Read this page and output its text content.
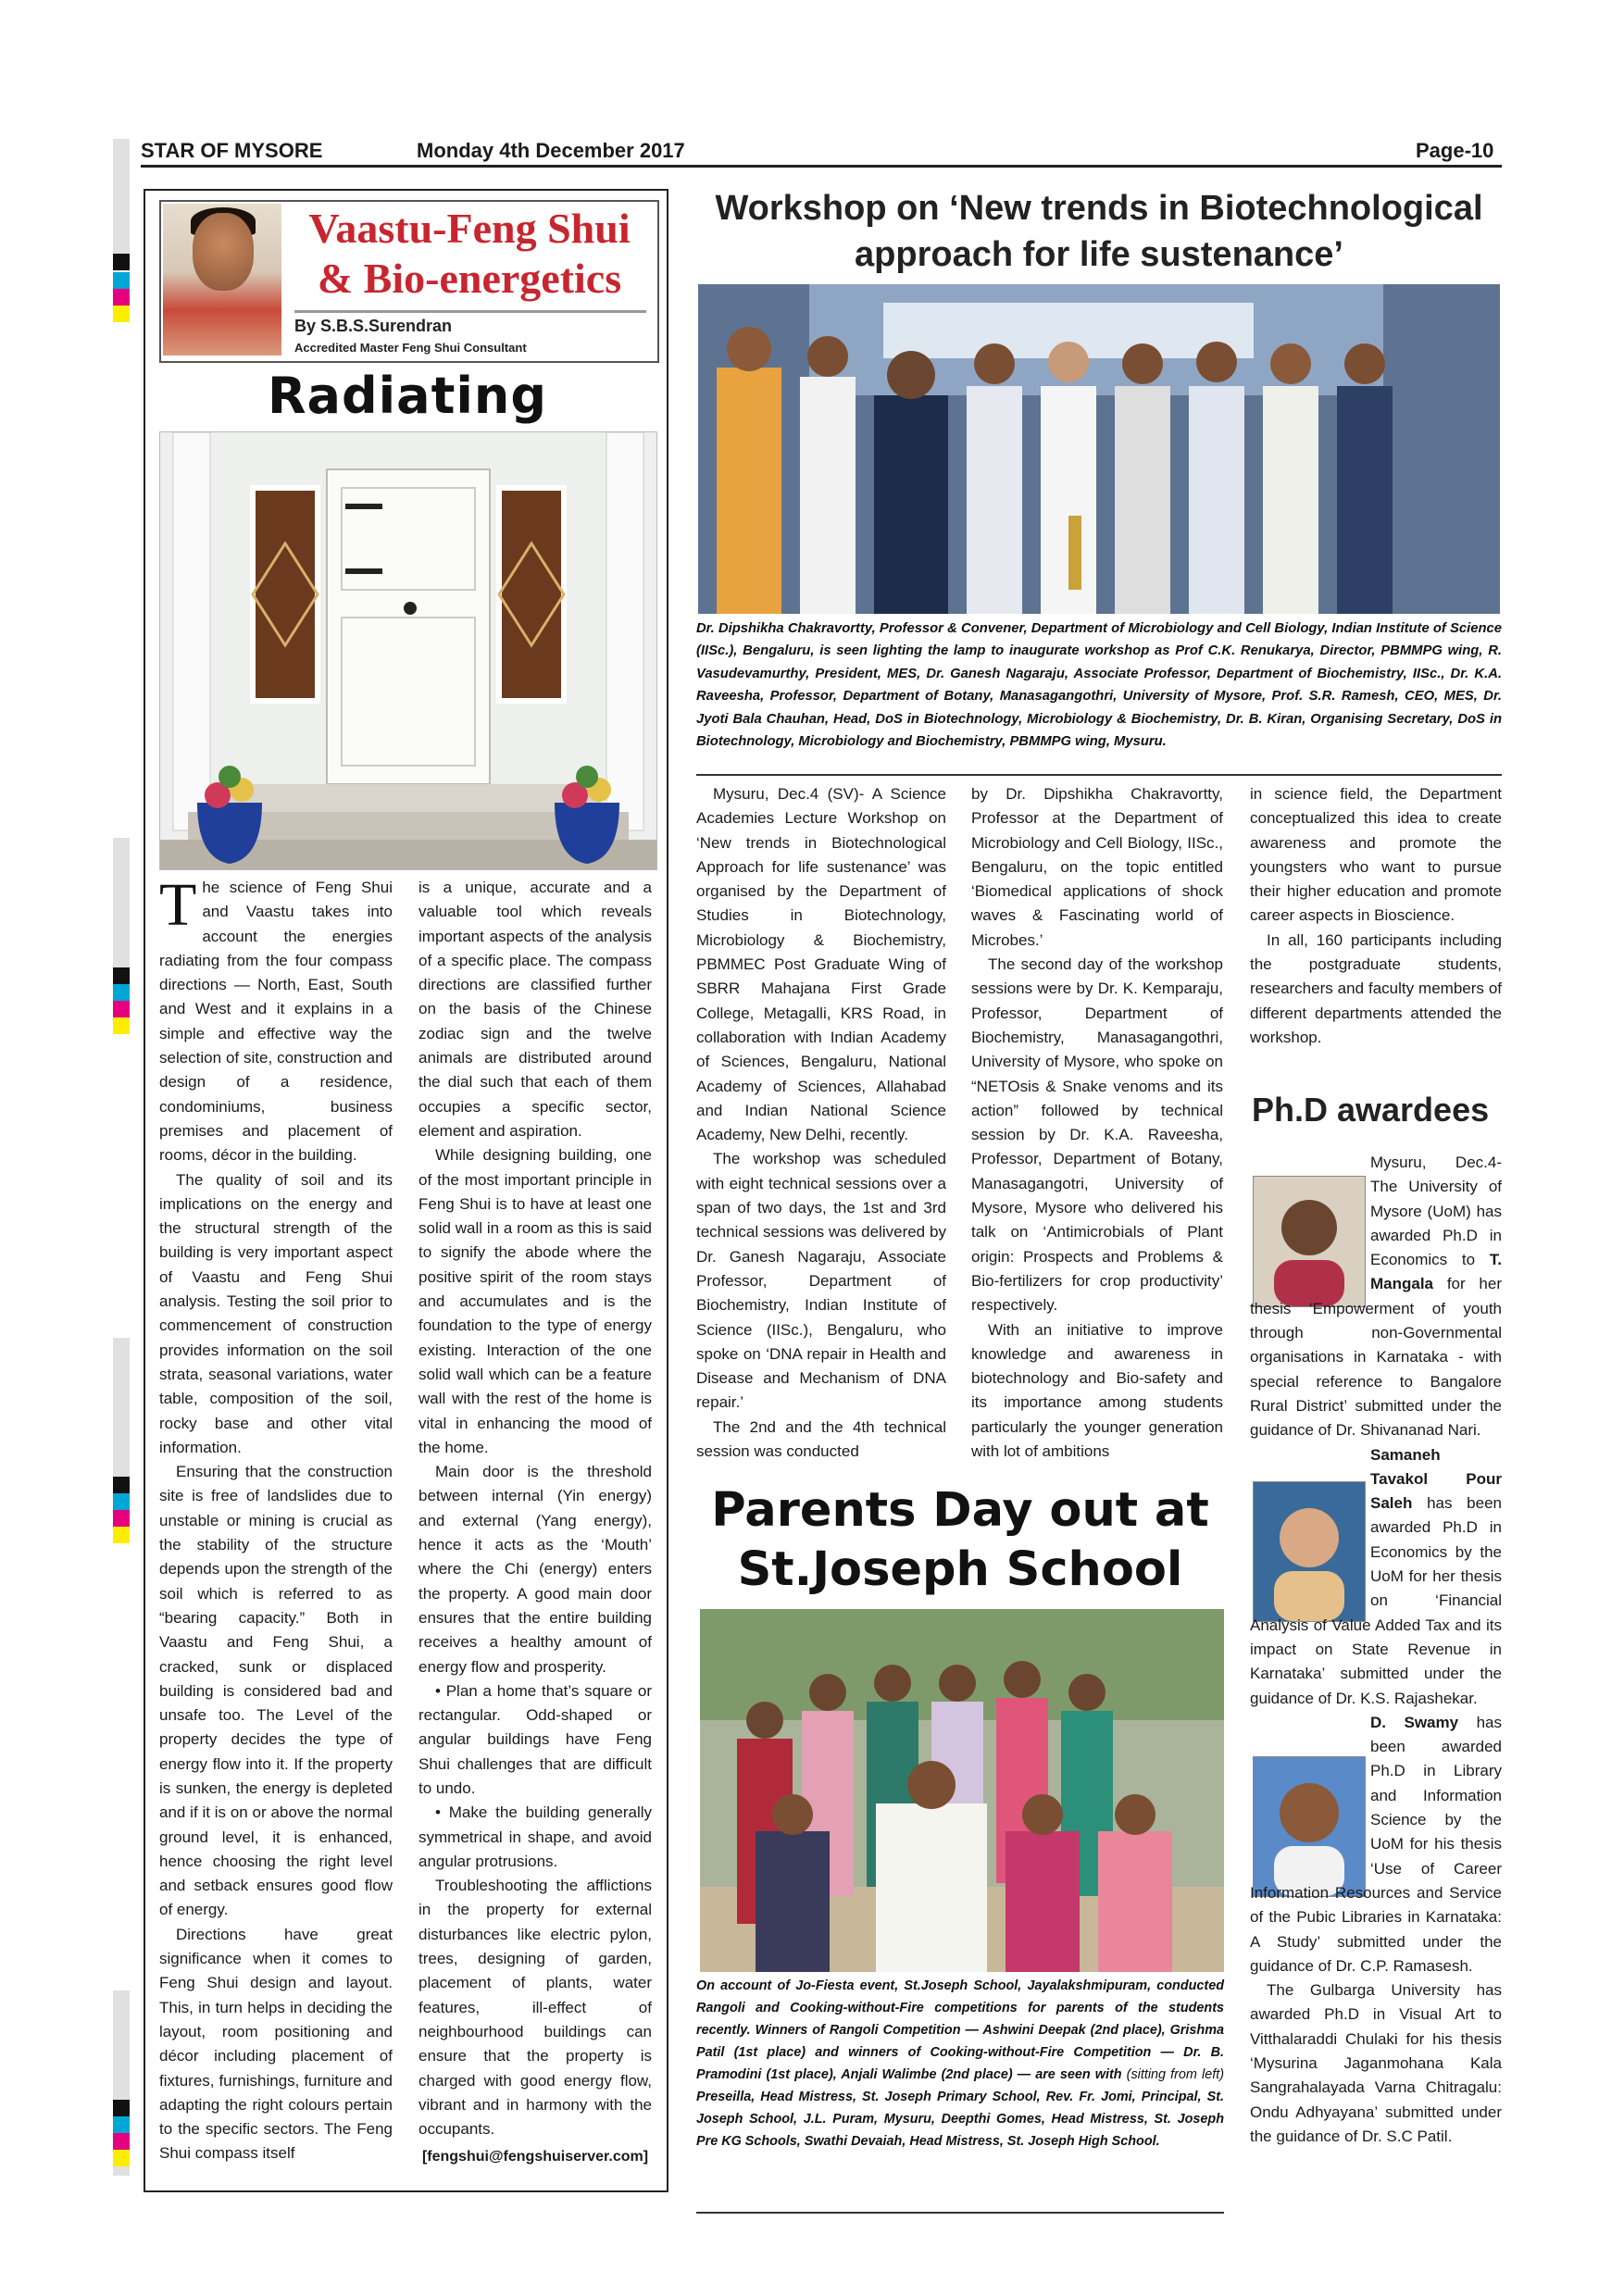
STAR OF MYSORE	Monday 4th December 2017	Page-10
Vaastu-Feng Shui
& Bio-energetics
By S.B.S.Surendran
Accredited Master Feng Shui Consultant
Radiating

The science of Feng Shui and Vaastu takes into account the energies radiating from the four compass directions — North, East, South and West and it explains in a simple and effective way the selection of site, construction and design of a residence, condominiums, business premises and placement of rooms, décor in the building.

The quality of soil and its implications on the energy and the structural strength of the building is very important aspect of Vaastu and Feng Shui analysis. Testing the soil prior to commencement of construction provides information on the soil strata, seasonal variations, water table, composition of the soil, rocky base and other vital information.

Ensuring that the construction site is free of landslides due to unstable or mining is crucial as the stability of the structure depends upon the strength of the soil which is referred to as “bearing capacity.” Both in Vaastu and Feng Shui, a cracked, sunk or displaced building is considered bad and unsafe too. The Level of the property decides the type of energy flow into it. If the property is sunken, the energy is depleted and if it is on or above the normal ground level, it is enhanced, hence choosing the right level and setback ensures good flow of energy.

Directions have great significance when it comes to Feng Shui design and layout. This, in turn helps in deciding the layout, room positioning and décor including placement of fixtures, furnishings, furniture and adapting the right colours pertain to the specific sectors. The Feng Shui compass itself

is a unique, accurate and a valuable tool which reveals important aspects of the analysis of a specific place. The compass directions are classified further on the basis of the Chinese zodiac sign and the twelve animals are distributed around the dial such that each of them occupies a specific sector, element and aspiration.

While designing building, one of the most important principle in Feng Shui is to have at least one solid wall in a room as this is said to signify the abode where the positive spirit of the room stays and accumulates and is the foundation to the type of energy existing. Interaction of the one solid wall which can be a feature wall with the rest of the home is vital in enhancing the mood of the home.

Main door is the threshold between internal (Yin energy) and external (Yang energy), hence it acts as the ‘Mouth’ where the Chi (energy) enters the property. A good main door ensures that the entire building receives a healthy amount of energy flow and prosperity.

• Plan a home that’s square or rectangular. Odd-shaped or angular buildings have Feng Shui challenges that are difficult to undo.

• Make the building generally symmetrical in shape, and avoid angular protrusions.

Troubleshooting the afflictions in the property for external disturbances like electric pylon, trees, designing of garden, placement of plants, water features, ill-effect of neighbourhood buildings can ensure that the property is charged with good energy flow, vibrant and in harmony with the occupants.

[fengshui@fengshuiserver.com]
Workshop on ‘New trends in Biotechnological
approach for life sustenance’
Dr. Dipshikha Chakravortty, Professor & Convener, Department of Microbiology and Cell Biology, Indian Institute of Science (IISc.), Bengaluru, is seen lighting the lamp to inaugurate workshop as Prof C.K. Renukarya, Director, PBMMPG wing, R. Vasudevamurthy, President, MES, Dr. Ganesh Nagaraju, Associate Professor, Department of Biochemistry, IISc., Dr. K.A. Raveesha, Professor, Department of Botany, Manasagangothri, University of Mysore, Prof. S.R. Ramesh, CEO, MES, Dr. Jyoti Bala Chauhan, Head, DoS in Biotechnology, Microbiology & Biochemistry, Dr. B. Kiran, Organising Secretary, DoS in Biotechnology, Microbiology and Biochemistry, PBMMPG wing, Mysuru.

Mysuru, Dec.4 (SV)- A Science Academies Lecture Workshop on ‘New trends in Biotechnological Approach for life sustenance’ was organised by the Department of Studies in Biotechnology, Microbiology & Biochemistry, PBMMEC Post Graduate Wing of SBRR Mahajana First Grade College, Metagalli, KRS Road, in collaboration with Indian Academy of Sciences, Bengaluru, National Academy of Sciences, Allahabad and Indian National Science Academy, New Delhi, recently.

The workshop was scheduled with eight technical sessions over a span of two days, the 1st and 3rd technical sessions was delivered by Dr. Ganesh Nagaraju, Associate Professor, Department of Biochemistry, Indian Institute of Science (IISc.), Bengaluru, who spoke on ‘DNA repair in Health and Disease and Mechanism of DNA repair.’

The 2nd and the 4th technical session was conducted

by Dr. Dipshikha Chakravortty, Professor at the Department of Microbiology and Cell Biology, IISc., Bengaluru, on the topic entitled ‘Biomedical applications of shock waves & Fascinating world of Microbes.’

The second day of the workshop sessions were by Dr. K. Kemparaju, Professor, Department of Biochemistry, Manasagangothri, University of Mysore, who spoke on “NETOsis & Snake venoms and its action” followed by technical session by Dr. K.A. Raveesha, Professor, Department of Botany, Manasagangotri, University of Mysore, Mysore who delivered his talk on ‘Antimicrobials of Plant origin: Prospects and Problems & Bio-fertilizers for crop productivity’ respectively.

With an initiative to improve knowledge and awareness in biotechnology and Bio-safety and its importance among students particularly the younger generation with lot of ambitions

in science field, the Department conceptualized this idea to create awareness and promote the youngsters who want to pursue their higher education and promote career aspects in Bioscience.

In all, 160 participants including the postgraduate students, researchers and faculty members of different departments attended the workshop.

Parents Day out at
St.Joseph School
On account of Jo-Fiesta event, St.Joseph School, Jayalakshmipuram, conducted Rangoli and Cooking-without-Fire competitions for parents of the students recently. Winners of Rangoli Competition — Ashwini Deepak (2nd place), Grishma Patil (1st place) and winners of Cooking-without-Fire Competition — Dr. B. Pramodini (1st place), Anjali Walimbe (2nd place) — are seen with (sitting from left) Preseilla, Head Mistress, St. Joseph Primary School, Rev. Fr. Jomi, Principal, St. Joseph School, J.L. Puram, Mysuru, Deepthi Gomes, Head Mistress, St. Joseph Pre KG Schools, Swathi Devaiah, Head Mistress, St. Joseph High School.
Ph.D awardees

Mysuru, Dec.4- The University of Mysore (UoM) has awarded Ph.D in Economics to T. Mangala for her thesis ‘Empowerment of youth through non-Governmental organisations in Karnataka - with special reference to Bangalore Rural District’ submitted under the guidance of Dr. Shivananad Nari.

Samaneh Tavakol Pour Saleh has been awarded Ph.D in Economics by the UoM for her thesis on ‘Financial Analysis of Value Added Tax and its impact on State Revenue in Karnataka’ submitted under the guidance of Dr. K.S. Rajashekar.

D. Swamy has been awarded Ph.D in Library and Information Science by the UoM for his thesis ‘Use of Career Information Resources and Service of the Pubic Libraries in Karnataka: A Study’ submitted under the guidance of Dr. C.P. Ramasesh.

The Gulbarga University has awarded Ph.D in Visual Art to Vitthalaraddi Chulaki for his thesis ‘Mysurina Jaganmohana Kala Sangrahalayada Varna Chitragalu: Ondu Adhyayana’ submitted under the guidance of Dr. S.C Patil.
